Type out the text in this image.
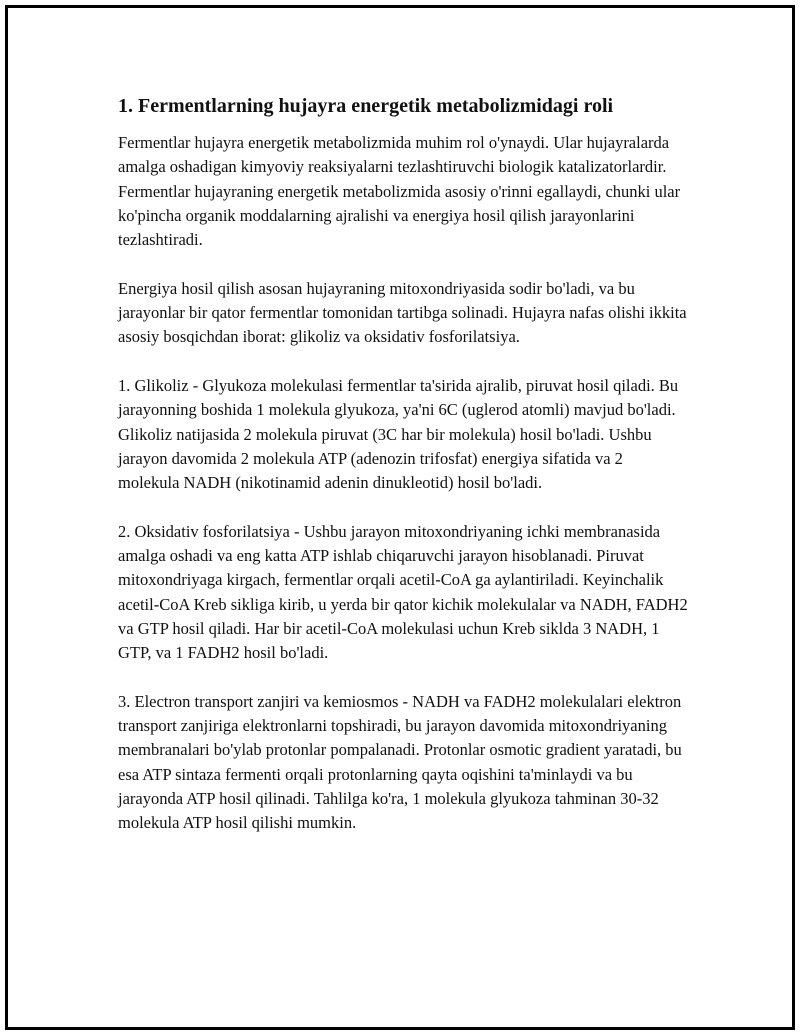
1. Fermentlarning hujayra energetik metabolizmidagi roli

Fermentlar hujayra energetik metabolizmida muhim rol o'ynaydi. Ular hujayralarda amalga oshadigan kimyoviy reaksiyalarni tezlashtiruvchi biologik katalizatorlardir. Fermentlar hujayraning energetik metabolizmida asosiy o'rinni egallaydi, chunki ular ko'pincha organik moddalarning ajralishi va energiya hosil qilish jarayonlarini tezlashtiradi.

Energiya hosil qilish asosan hujayraning mitoxondriyasida sodir bo'ladi, va bu jarayonlar bir qator fermentlar tomonidan tartibga solinadi. Hujayra nafas olishi ikkita asosiy bosqichdan iborat: glikoliz va oksidativ fosforilatsiya.

1. Glikoliz - Glyukoza molekulasi fermentlar ta'sirida ajralib, piruvat hosil qiladi. Bu jarayonning boshida 1 molekula glyukoza, ya'ni 6C (uglerod atomli) mavjud bo'ladi. Glikoliz natijasida 2 molekula piruvat (3C har bir molekula) hosil bo'ladi. Ushbu jarayon davomida 2 molekula ATP (adenozin trifosfat) energiya sifatida va 2 molekula NADH (nikotinamid adenin dinukleotid) hosil bo'ladi.

2. Oksidativ fosforilatsiya - Ushbu jarayon mitoxondriyaning ichki membranasida amalga oshadi va eng katta ATP ishlab chiqaruvchi jarayon hisoblanadi. Piruvat mitoxondriyaga kirgach, fermentlar orqali acetil-CoA ga aylantiriladi. Keyinchalik acetil-CoA Kreb sikliga kirib, u yerda bir qator kichik molekulalar va NADH, FADH2 va GTP hosil qiladi. Har bir acetil-CoA molekulasi uchun Kreb siklda 3 NADH, 1 GTP, va 1 FADH2 hosil bo'ladi.

3. Electron transport zanjiri va kemiosmos - NADH va FADH2 molekulalari elektron transport zanjiriga elektronlarni topshiradi, bu jarayon davomida mitoxondriyaning membranalari bo'ylab protonlar pompalanadi. Protonlar osmotic gradient yaratadi, bu esa ATP sintaza fermenti orqali protonlarning qayta oqishini ta'minlaydi va bu jarayonda ATP hosil qilinadi. Tahlilga ko'ra, 1 molekula glyukoza tahminan 30-32 molekula ATP hosil qilishi mumkin.
